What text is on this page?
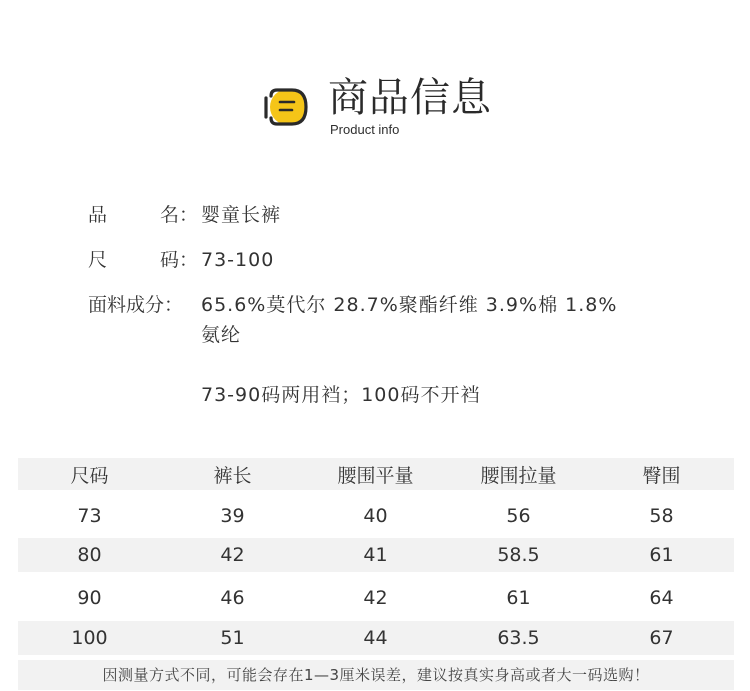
商品信息
Product info
品	名： 婴童长裤
尺	码： 73-100
面料成分： 65.6%莫代尔 28.7%聚酯纤维 3.9%棉 1.8%
氨纶
73-90码两用裆；100码不开裆
尺码	裤长	腰围平量	腰围拉量	臀围
73	39	40	56	58
80	42	41	58.5	61
90	46	42	61	64
100	51	44	63.5	67
因测量方式不同，可能会存在1—3厘米误差，建议按真实身高或者大一码选购！
